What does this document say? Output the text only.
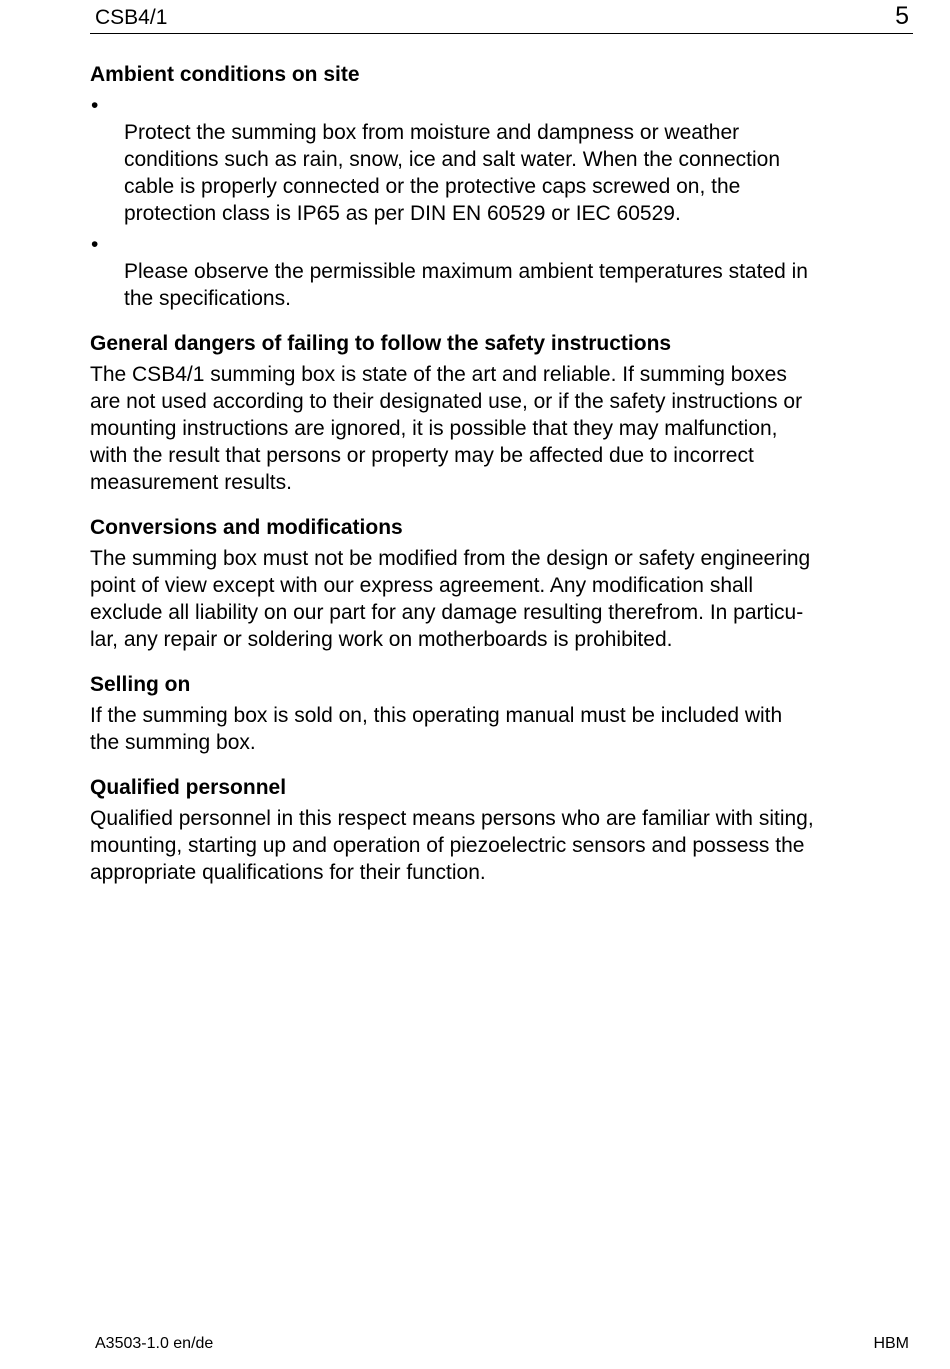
CSB4/1	5
Ambient conditions on site

•
Protect the summing box from moisture and dampness or weather
conditions such as rain, snow, ice and salt water. When the connection
cable is properly connected or the protective caps screwed on, the
protection class is IP65 as per DIN EN 60529 or IEC 60529.

•
Please observe the permissible maximum ambient temperatures stated in
the specifications.

General dangers of failing to follow the safety instructions

The CSB4/1 summing box is state of the art and reliable. If summing boxes
are not used according to their designated use, or if the safety instructions or
mounting instructions are ignored, it is possible that they may malfunction,
with the result that persons or property may be affected due to incorrect
measurement results.

Conversions and modifications

The summing box must not be modified from the design or safety engineering
point of view except with our express agreement. Any modification shall
exclude all liability on our part for any damage resulting therefrom. In particu-
lar, any repair or soldering work on motherboards is prohibited.

Selling on

If the summing box is sold on, this operating manual must be included with
the summing box.

Qualified personnel

Qualified personnel in this respect means persons who are familiar with siting,
mounting, starting up and operation of piezoelectric sensors and possess the
appropriate qualifications for their function.

A3503-1.0 en/de	HBM
